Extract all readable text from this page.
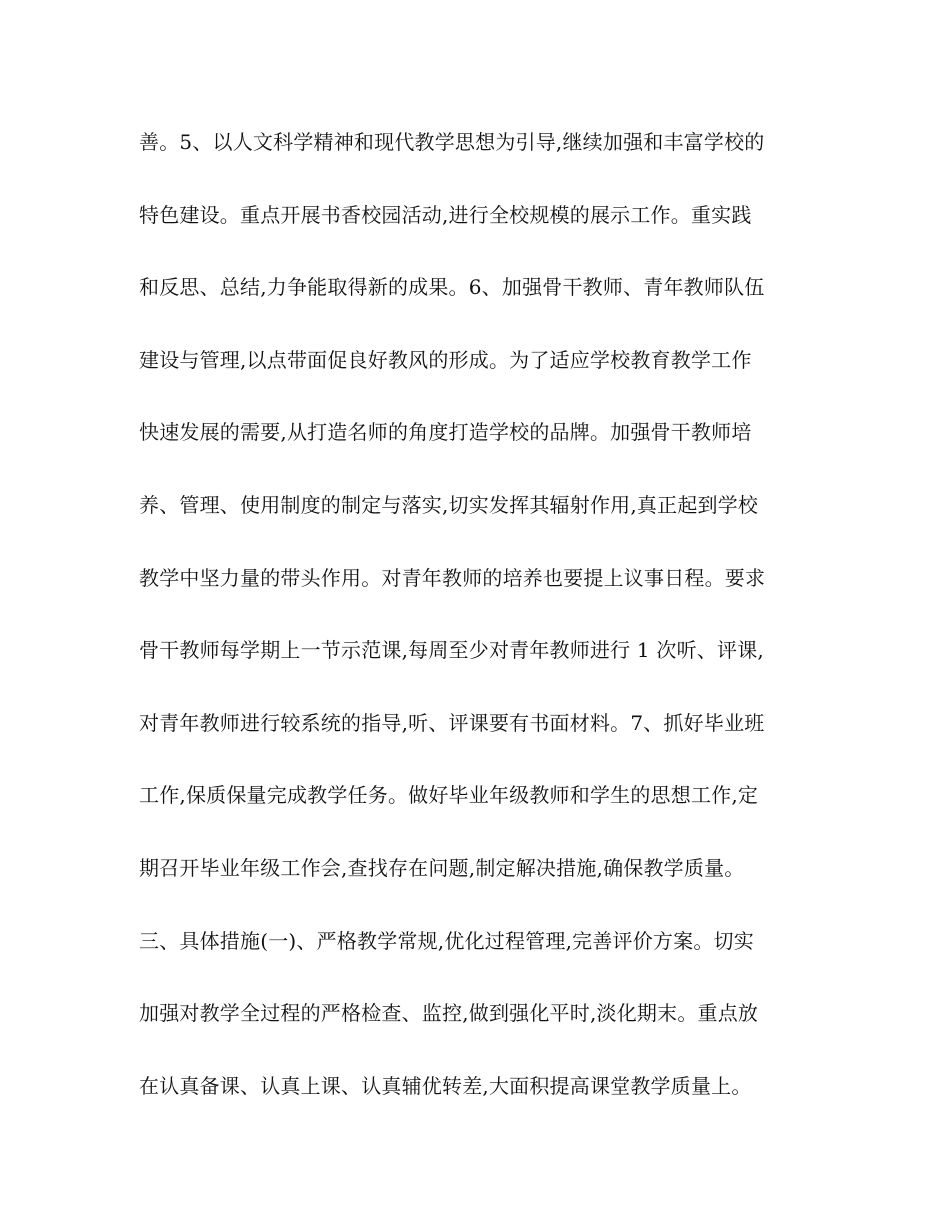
善。5、以人文科学精神和现代教学思想为引导,继续加强和丰富学校的
特色建设。重点开展书香校园活动,进行全校规模的展示工作。重实践
和反思、总结,力争能取得新的成果。6、加强骨干教师、青年教师队伍
建设与管理,以点带面促良好教风的形成。为了适应学校教育教学工作
快速发展的需要,从打造名师的角度打造学校的品牌。加强骨干教师培
养、管理、使用制度的制定与落实,切实发挥其辐射作用,真正起到学校
教学中坚力量的带头作用。对青年教师的培养也要提上议事日程。要求
骨干教师每学期上一节示范课,每周至少对青年教师进行 1 次听、评课,
对青年教师进行较系统的指导,听、评课要有书面材料。7、抓好毕业班
工作,保质保量完成教学任务。做好毕业年级教师和学生的思想工作,定
期召开毕业年级工作会,查找存在问题,制定解决措施,确保教学质量。
三、具体措施(一)、严格教学常规,优化过程管理,完善评价方案。切实
加强对教学全过程的严格检查、监控,做到强化平时,淡化期末。重点放
在认真备课、认真上课、认真辅优转差,大面积提高课堂教学质量上。
